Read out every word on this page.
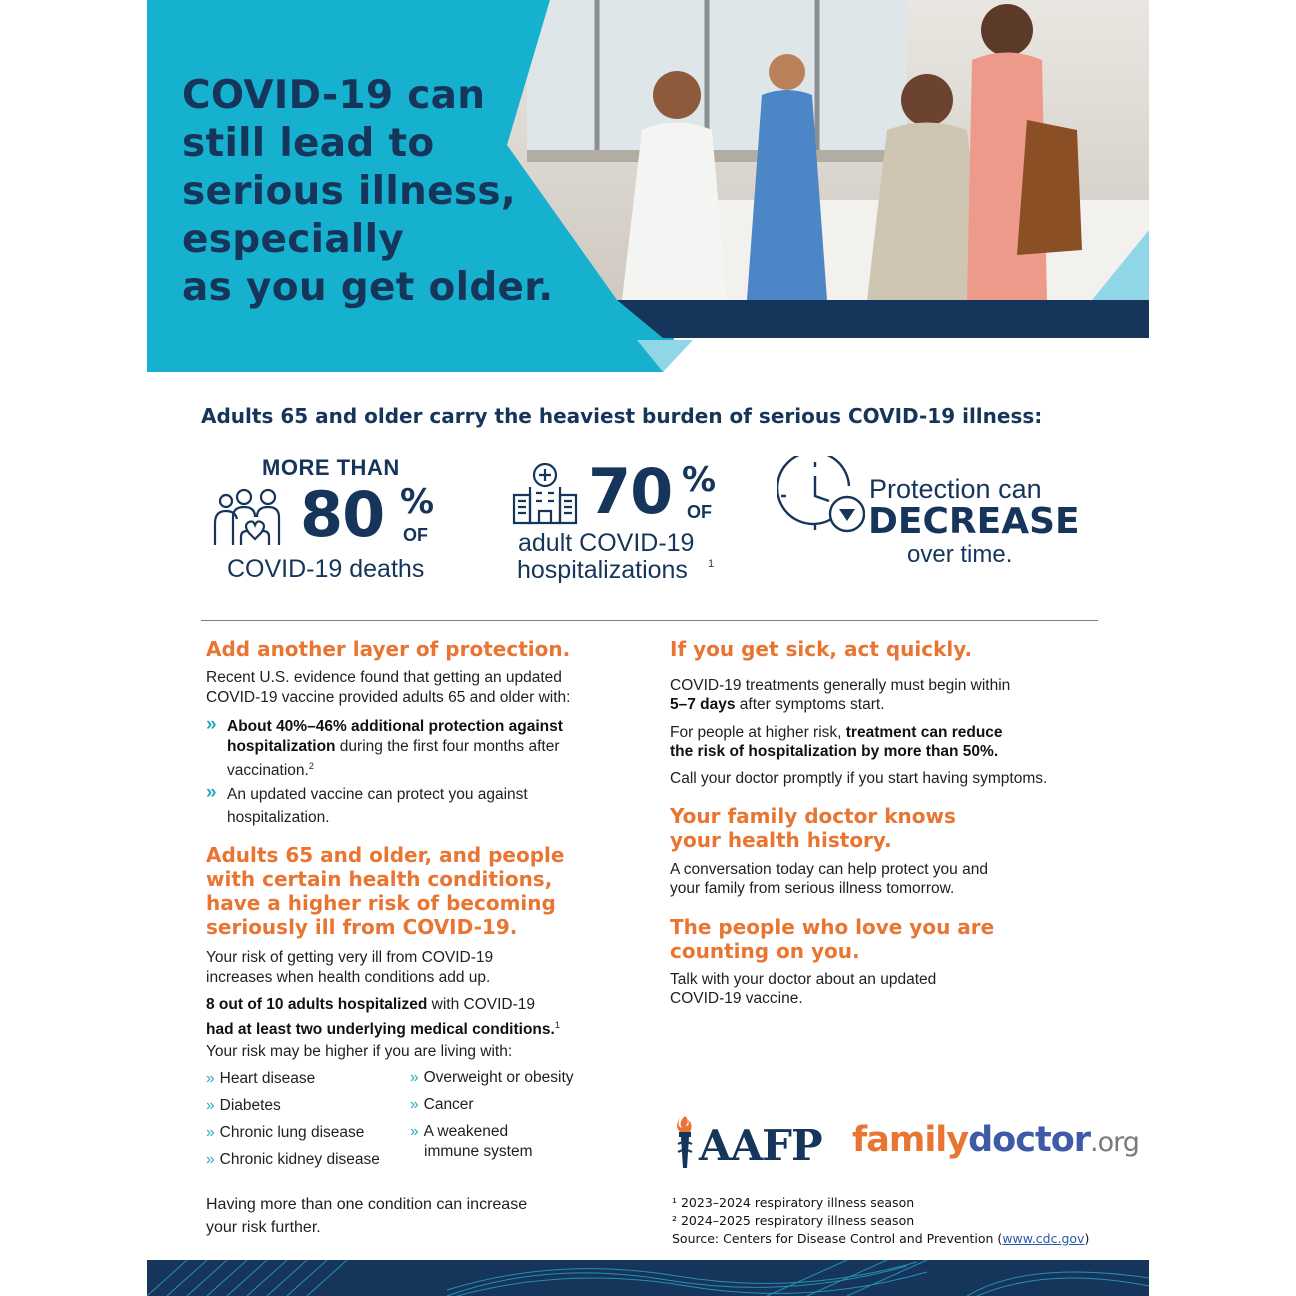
COVID-19 can
still lead to
serious illness,
especially
as you get older.
Adults 65 and older carry the heaviest burden of serious COVID-19 illness:
MORE THAN
80 %
OF
COVID-19 deaths
70 %
OF
adult COVID-19
hospitalizations 1
Protection can
DECREASE
over time.
Add another layer of protection.
Recent U.S. evidence found that getting an updated
COVID-19 vaccine provided adults 65 and older with:
» About 40%–46% additional protection against
hospitalization during the first four months after
vaccination.$^2$
» An updated vaccine can protect you against
hospitalization.
Adults 65 and older, and people
with certain health conditions,
have a higher risk of becoming
seriously ill from COVID-19.
Your risk of getting very ill from COVID-19
increases when health conditions add up.
8 out of 10 adults hospitalized with COVID-19
had at least two underlying medical conditions.$^1$
Your risk may be higher if you are living with:
» Heart disease
» Diabetes
» Chronic lung disease
» Chronic kidney disease
» Overweight or obesity
» Cancer
» A weakened
immune system
Having more than one condition can increase
your risk further.
If you get sick, act quickly.
COVID-19 treatments generally must begin within
5–7 days after symptoms start.
For people at higher risk, treatment can reduce
the risk of hospitalization by more than 50%.
Call your doctor promptly if you start having symptoms.
Your family doctor knows
your health history.
A conversation today can help protect you and
your family from serious illness tomorrow.
The people who love you are
counting on you.
Talk with your doctor about an updated
COVID-19 vaccine.
AAFP familydoctor.org
¹ 2023–2024 respiratory illness season
² 2024–2025 respiratory illness season
Source: Centers for Disease Control and Prevention (www.cdc.gov)
